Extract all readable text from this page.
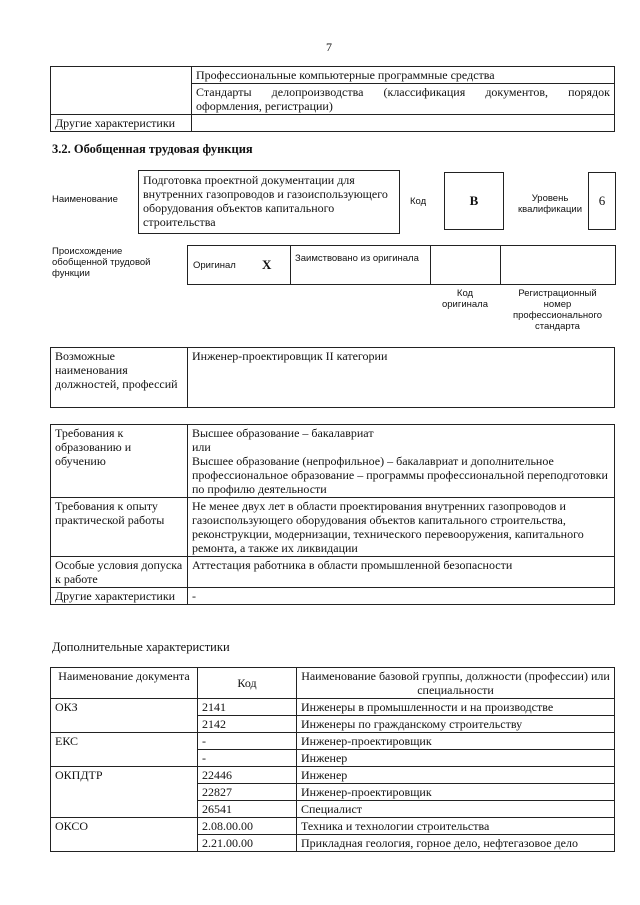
7
	Профессиональные компьютерные программные средства
	Стандарты делопроизводства (классификация документов, порядок оформления, регистрации)
Другие характеристики	
3.2. Обобщенная трудовая функция
Наименование
Подготовка проектной документации для внутренних газопроводов и газоиспользующего оборудования объектов капитального строительства
Код	B	Уровень квалификации
6
Происхождение обобщенной трудовой функции
Оригинал X Заимствовано из оригинала
Код оригинала
Регистрационный номер профессионального стандарта
Возможные наименования должностей, профессий	Инженер-проектировщик II категории
Требования к образованию и обучению	Высшее образование – бакалавриат
или
Высшее образование (непрофильное) – бакалавриат и дополнительное профессиональное образование – программы профессиональной переподготовки по профилю деятельности

Требования к опыту практической работы	Не менее двух лет в области проектирования внутренних газопроводов и газоиспользующего оборудования объектов капитального строительства, реконструкции, модернизации, технического перевооружения, капитального ремонта, а также их ликвидации
Особые условия допуска к работе	Аттестация работника в области промышленной безопасности
Другие характеристики	-
Дополнительные характеристики
Наименование документа	Код	Наименование базовой группы, должности (профессии) или специальности
ОКЗ	2141	Инженеры в промышленности и на производстве
	2142	Инженеры по гражданскому строительству
ЕКС	-	Инженер-проектировщик
	-	Инженер
ОКПДТР	22446	Инженер
	22827	Инженер-проектировщик
	26541	Специалист
ОКСО	2.08.00.00	Техника и технологии строительства
	2.21.00.00	Прикладная геология, горное дело, нефтегазовое дело
